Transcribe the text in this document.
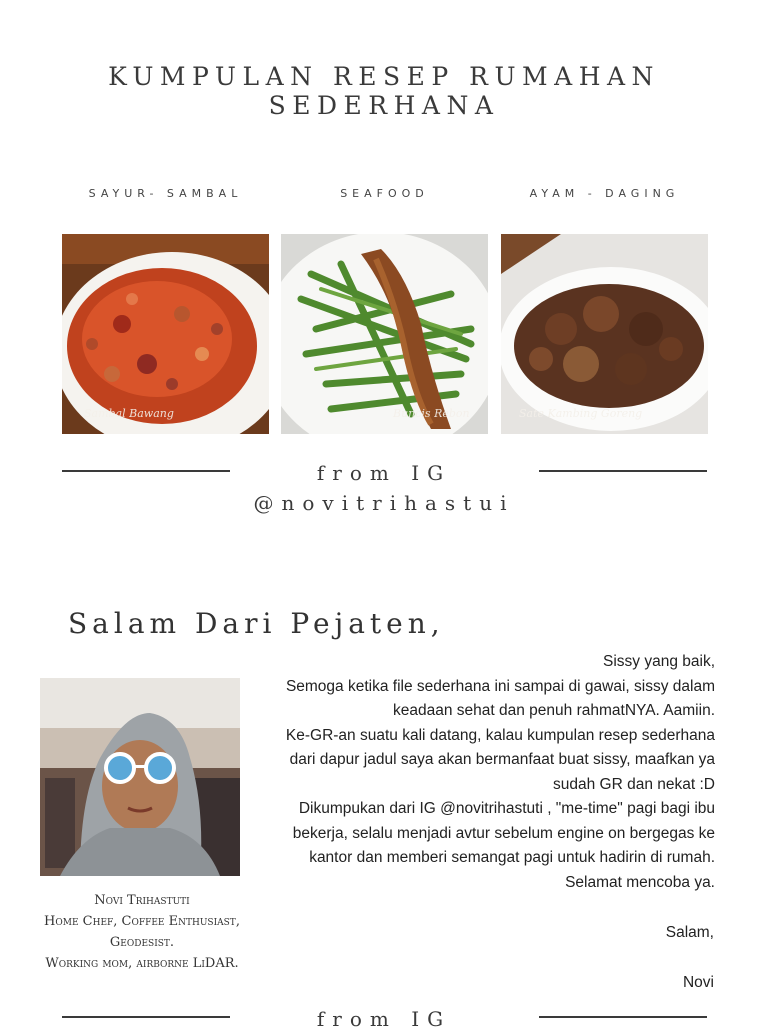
KUMPULAN RESEP RUMAHAN SEDERHANA
SAYUR- SAMBAL	SEAFOOD	AYAM - DAGING
Sambal Bawang	Buncis Rebon	Sate Kambing Goreng
from IG
@novitrihastui
Salam Dari Pejaten,
Novi Trihastuti
Home Chef, Coffee Enthusiast,
Geodesist.
Working mom, airborne LiDAR.
Sissy yang baik,
Semoga ketika file sederhana ini sampai di gawai, sissy dalam
keadaan sehat dan penuh rahmatNYA. Aamiin.
Ke-GR-an suatu kali datang, kalau kumpulan resep sederhana
dari dapur jadul saya akan bermanfaat buat sissy, maafkan ya
sudah GR dan nekat :D
Dikumpukan dari IG @novitrihastuti , "me-time" pagi bagi ibu
bekerja, selalu menjadi avtur sebelum engine on bergegas ke
kantor dan memberi semangat pagi untuk hadirin di rumah.
Selamat mencoba ya.
Salam,
Novi
from IG
